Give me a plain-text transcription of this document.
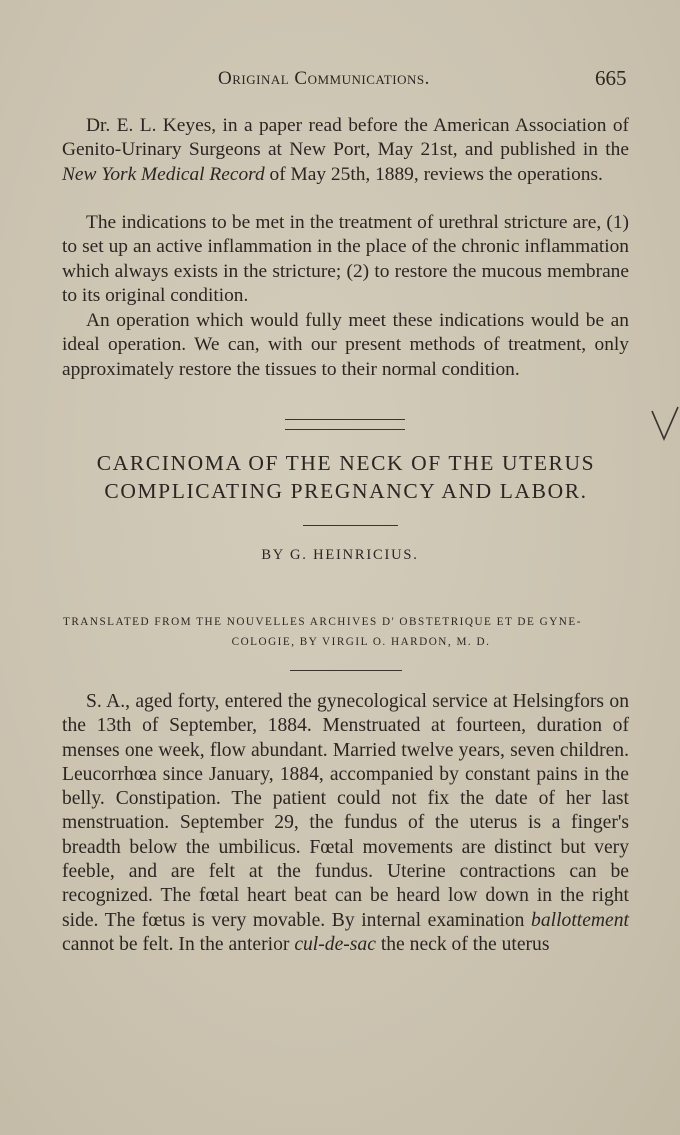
Original Communications.	665

Dr. E. L. Keyes, in a paper read before the American Association of Genito-Urinary Surgeons at New Port, May 21st, and published in the New York Medical Record of May 25th, 1889, reviews the operations.

The indications to be met in the treatment of urethral stricture are, (1) to set up an active inflammation in the place of the chronic inflammation which always exists in the stricture; (2) to restore the mucous membrane to its original condition.

An operation which would fully meet these indications would be an ideal operation. We can, with our present methods of treatment, only approximately restore the tissues to their normal condition.

CARCINOMA OF THE NECK OF THE UTERUS
COMPLICATING PREGNANCY AND LABOR.
BY G. HEINRICIUS.

TRANSLATED FROM THE NOUVELLES ARCHIVES D' OBSTETRIQUE ET DE GYNE-
COLOGIE, BY VIRGIL O. HARDON, M. D.

S. A., aged forty, entered the gynecological service at Helsingfors on the 13th of September, 1884. Menstruated at fourteen, duration of menses one week, flow abundant. Married twelve years, seven children. Leucorrhœa since January, 1884, accompanied by constant pains in the belly. Constipation. The patient could not fix the date of her last menstruation. September 29, the fundus of the uterus is a finger's breadth below the umbilicus. Fœtal movements are distinct but very feeble, and are felt at the fundus. Uterine contractions can be recognized. The fœtal heart beat can be heard low down in the right side. The fœtus is very movable. By internal examination ballottement cannot be felt. In the anterior cul-de-sac the neck of the uterus
